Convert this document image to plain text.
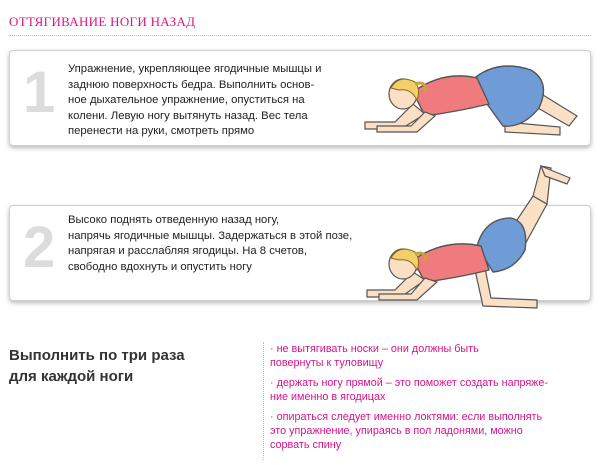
ОТТЯГИВАНИЕ НОГИ НАЗАД
1 Упражнение, укрепляющее ягодичные мышцы и
заднюю поверхность бедра. Выполнить основ-
ное дыхательное упражнение, опуститься на
колени. Левую ногу вытянуть назад. Вес тела
перенести на руки, смотреть прямо
2 Высоко поднять отведенную назад ногу,
напрячь ягодичные мышцы. Задержаться в этой позе,
напрягая и расслабляя ягодицы. На 8 счетов,
свободно вдохнуть и опустить ногу
Выполнить по три раза
для каждой ноги
· не вытягивать носки – они должны быть
повернуты к туловищу
· держать ногу прямой – это поможет создать напряже-
ние именно в ягодицах
· опираться следует именно локтями: если выполнять
это упражнение, упираясь в пол ладонями, можно
сорвать спину
